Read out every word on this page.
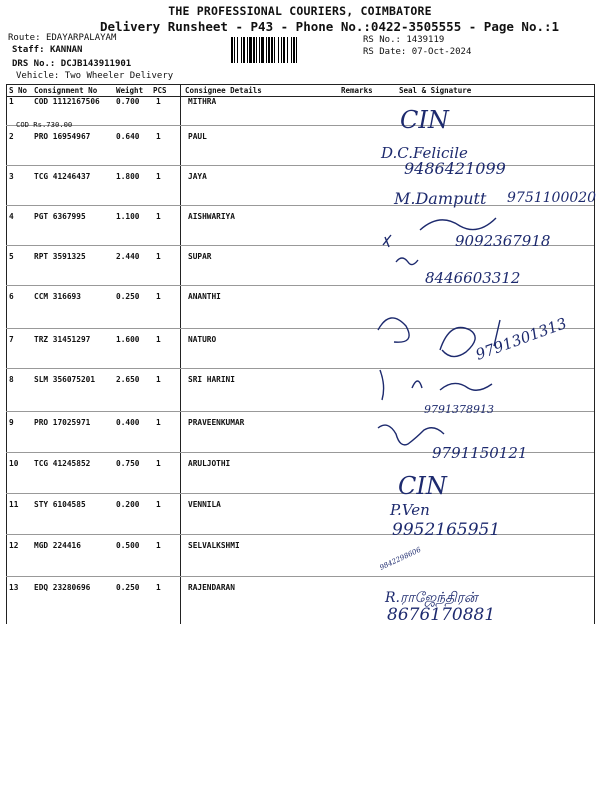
THE PROFESSIONAL COURIERS, COIMBATORE
Delivery Runsheet - P43 - Phone No.:0422-3505555 - Page No.:1
Route: EDAYARPALAYAM
Staff: KANNAN
DRS No.: DCJB143911901
Vehicle: Two Wheeler Delivery
RS No.: 1439119
RS Date: 07-Oct-2024
S No Consignment No	Weight PCS Consignee Details	Remarks	Seal & Signature
1	COD 1112167506 0.700 1	MITHRA
2	PRO 16954967	0.640 1	PAUL
3	TCG 41246437	1.800 1	JAYA
4	PGT 6367995	1.100 1	AISHWARIYA
5	RPT 3591325	2.440 1	SUPAR
6	CCM 316693	0.250 1	ANANTHI
7	TRZ 31451297	1.600 1	NATURO
8	SLM 356075201	2.650 1	SRI HARINI
9	PRO 17025971	0.400 1	PRAVEENKUMAR
10 TCG 41245852	0.750 1	ARULJOTHI
11 STY 6104585	0.200 1	VENNILA
12 MGD 224416	0.500 1	SELVALKSHMI
13 EDQ 23280696	0.250 1	RAJENDARAN
COD Rs.730.00	CIN
D.C.Felicile
9486421099
M.Damputt 9751100020
9092367918
8446603312
9791301313
9791378913
9791150121
CIN
P.Ven
9952165951
9842298606
R.ராஜேந்திரன்
8676170881
